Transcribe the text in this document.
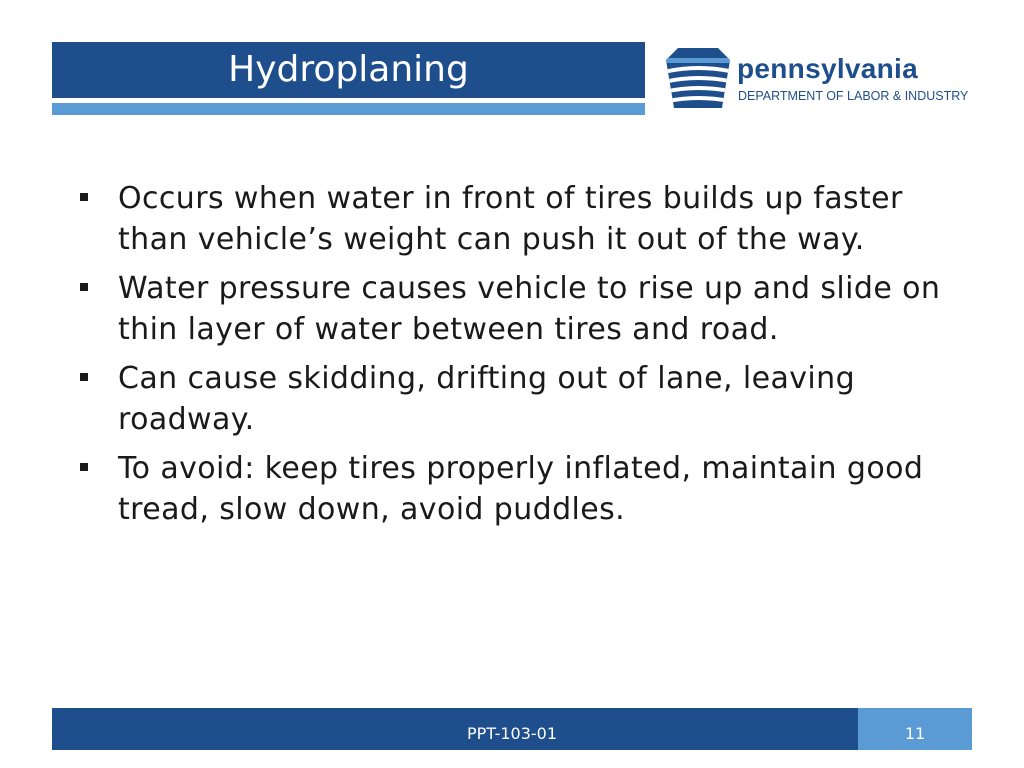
Hydroplaning	pennsylvania
DEPARTMENT OF LABOR & INDUSTRY
Occurs when water in front of tires builds up faster than vehicle’s weight can push it out of the way.
Water pressure causes vehicle to rise up and slide on thin layer of water between tires and road.
Can cause skidding, drifting out of lane, leaving roadway.
To avoid: keep tires properly inflated, maintain good tread, slow down, avoid puddles.
PPT-103-01	11
